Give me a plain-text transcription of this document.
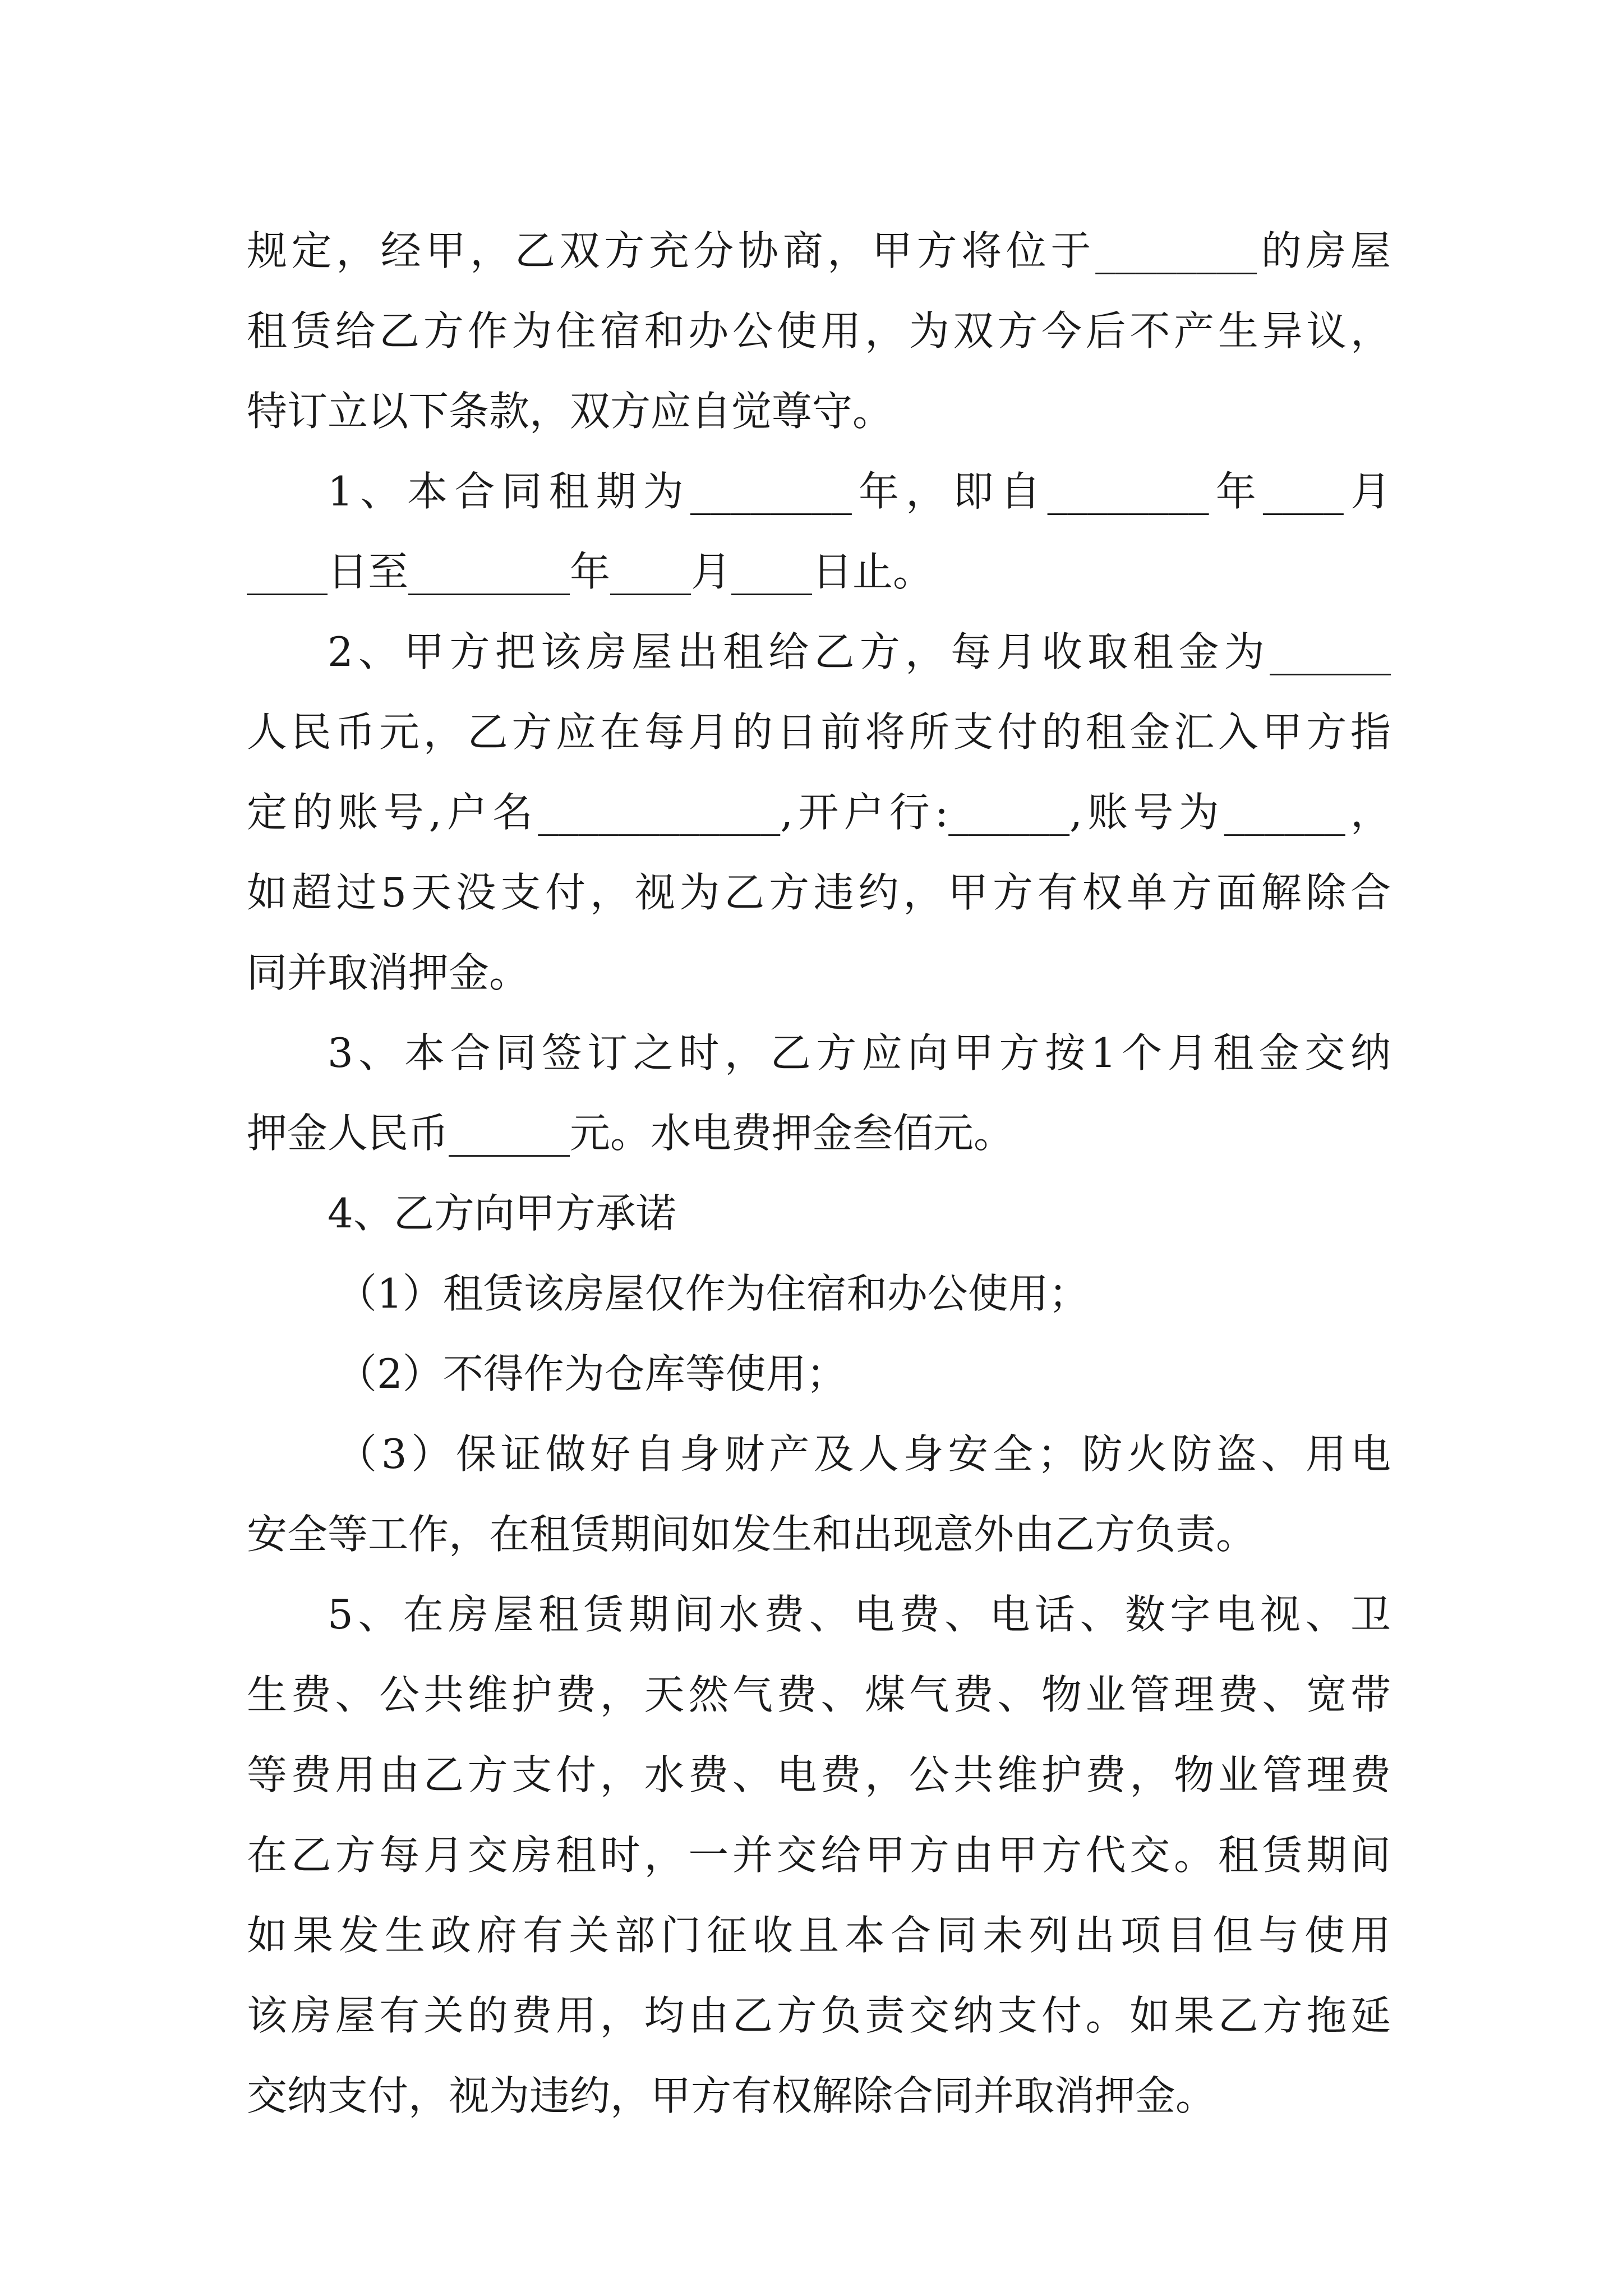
规定，经甲，乙双方充分协商，甲方将位于________的房屋
租赁给乙方作为住宿和办公使用，为双方今后不产生异议，
特订立以下条款，双方应自觉尊守。
1、本合同租期为________年，即自________年____月
____日至________年____月____日止。
2、甲方把该房屋出租给乙方，每月收取租金为______
人民币元，乙方应在每月的日前将所支付的租金汇入甲方指
定的账号,户名____________,开户行:______,账号为______，
如超过5天没支付，视为乙方违约，甲方有权单方面解除合
同并取消押金。
3、本合同签订之时，乙方应向甲方按1个月租金交纳
押金人民币______元。水电费押金叁佰元。
4、乙方向甲方承诺
（1）租赁该房屋仅作为住宿和办公使用；
（2）不得作为仓库等使用；
（3）保证做好自身财产及人身安全；防火防盗、用电
安全等工作，在租赁期间如发生和出现意外由乙方负责。
5、在房屋租赁期间水费、电费、电话、数字电视、卫
生费、公共维护费，天然气费、煤气费、物业管理费、宽带
等费用由乙方支付，水费、电费，公共维护费，物业管理费
在乙方每月交房租时，一并交给甲方由甲方代交。租赁期间
如果发生政府有关部门征收且本合同未列出项目但与使用
该房屋有关的费用，均由乙方负责交纳支付。如果乙方拖延
交纳支付，视为违约，甲方有权解除合同并取消押金。
